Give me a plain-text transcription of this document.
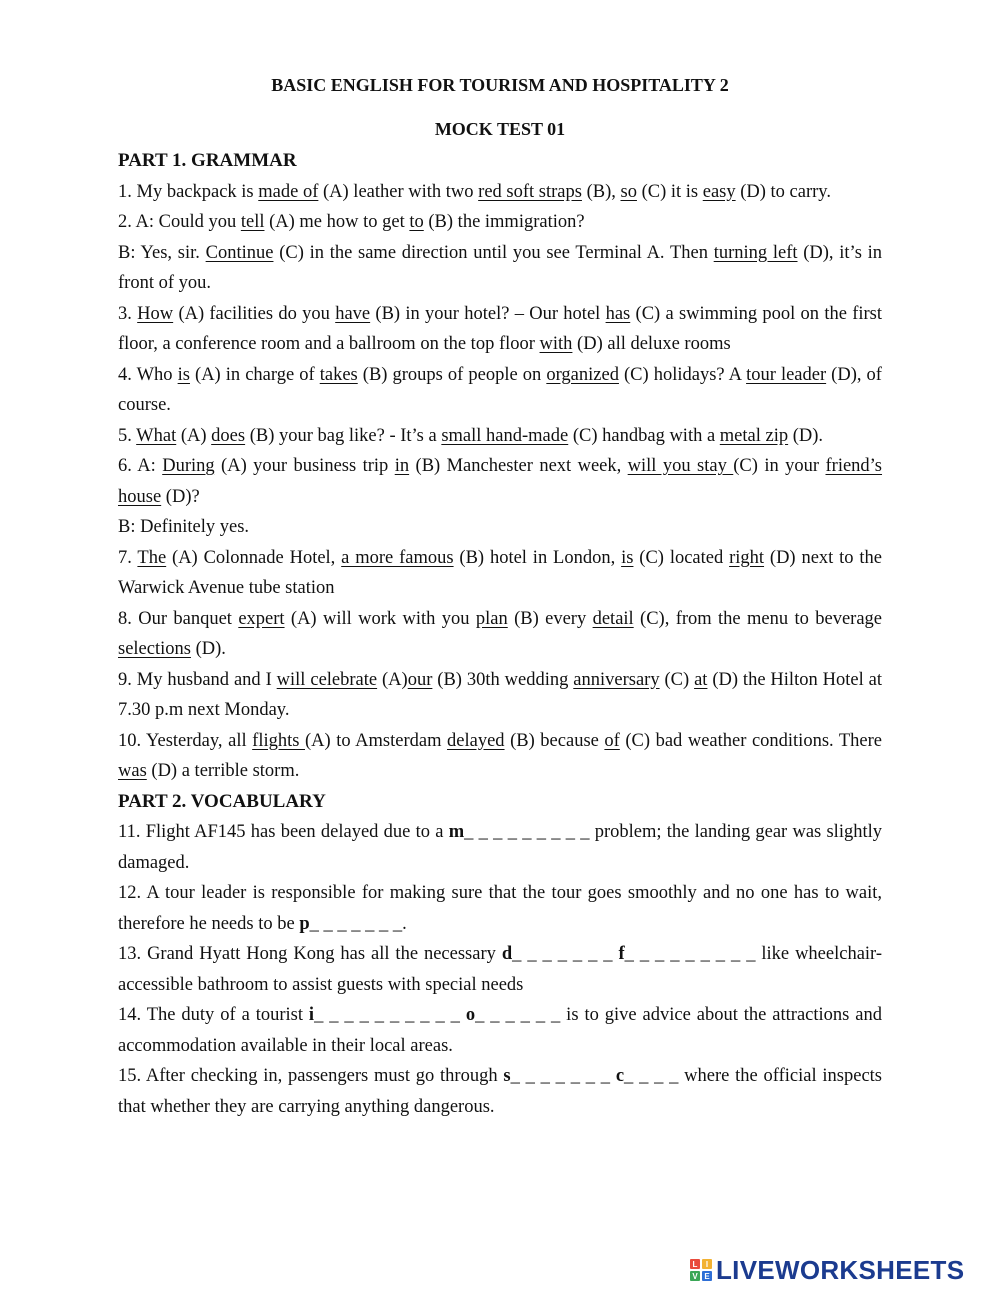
BASIC ENGLISH FOR TOURISM AND HOSPITALITY 2

MOCK TEST 01

PART 1. GRAMMAR

1. My backpack is made of (A) leather with two red soft straps (B), so (C) it is easy (D) to carry.

2. A: Could you tell (A) me how to get to (B) the immigration?

B: Yes, sir. Continue (C) in the same direction until you see Terminal A. Then turning left (D), it’s in front of you.

3. How (A) facilities do you have (B) in your hotel? – Our hotel has (C) a swimming pool on the first floor, a conference room and a ballroom on the top floor with (D) all deluxe rooms

4. Who is (A) in charge of takes (B) groups of people on organized (C) holidays? A tour leader (D), of course.

5. What (A) does (B) your bag like? - It’s a small hand-made (C) handbag with a metal zip (D).

6. A: During (A) your business trip in (B) Manchester next week, will you stay (C) in your friend’s house (D)?

B: Definitely yes.

7. The (A) Colonnade Hotel, a more famous (B) hotel in London, is (C) located right (D) next to the Warwick Avenue tube station

8. Our banquet expert (A) will work with you plan (B) every detail (C), from the menu to beverage selections (D).

9. My husband and I will celebrate (A)our (B) 30th wedding anniversary (C) at (D) the Hilton Hotel at 7.30 p.m next Monday.

10. Yesterday, all flights (A) to Amsterdam delayed (B) because of (C) bad weather conditions. There was (D) a terrible storm.

PART 2. VOCABULARY

11. Flight AF145 has been delayed due to a m_ _ _ _ _ _ _ _ _ problem; the landing gear was slightly damaged.

12. A tour leader is responsible for making sure that the tour goes smoothly and no one has to wait, therefore he needs to be p_ _ _ _ _ _ _.

13. Grand Hyatt Hong Kong has all the necessary d_ _ _ _ _ _ _ f_ _ _ _ _ _ _ _ _ like wheelchair-accessible bathroom to assist guests with special needs

14. The duty of a tourist i_ _ _ _ _ _ _ _ _ _ o_ _ _ _ _ _ is to give advice about the attractions and accommodation available in their local areas.

15. After checking in, passengers must go through s_ _ _ _ _ _ _ c_ _ _ _ where the official inspects that whether they are carrying anything dangerous.

L	I
V E LIVEWORKSHEETS
